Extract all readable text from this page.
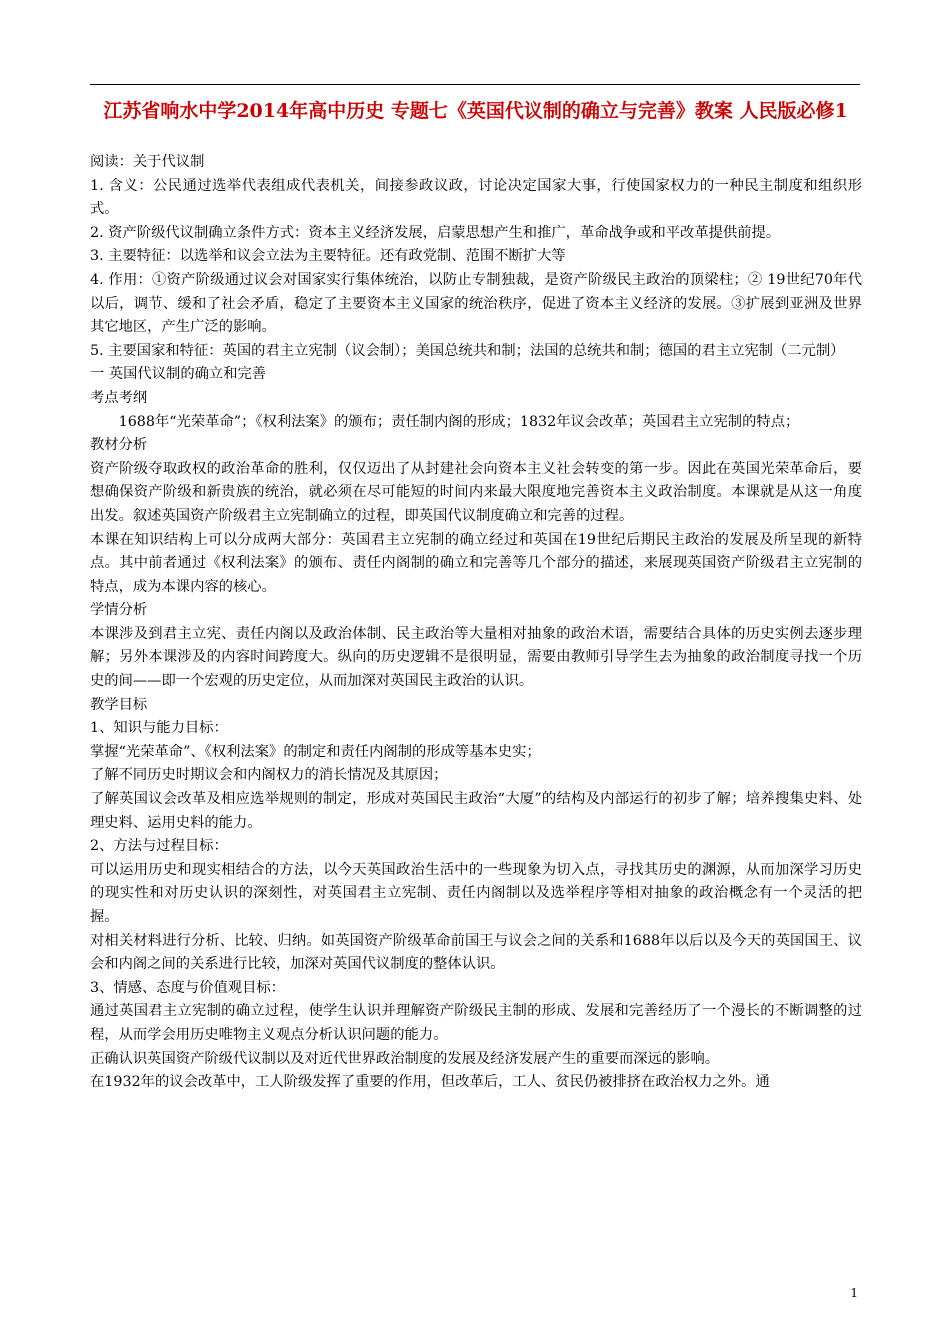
江苏省响水中学2014年高中历史 专题七《英国代议制的确立与完善》教案 人民版必修1

阅读：关于代议制

1. 含义：公民通过选举代表组成代表机关，间接参政议政，讨论决定国家大事，行使国家权力的一种民主制度和组织形式。

2. 资产阶级代议制确立条件方式：资本主义经济发展，启蒙思想产生和推广，革命战争或和平改革提供前提。

3. 主要特征：以选举和议会立法为主要特征。还有政党制、范围不断扩大等

4. 作用：①资产阶级通过议会对国家实行集体统治，以防止专制独裁，是资产阶级民主政治的顶梁柱；② 19世纪70年代以后，调节、缓和了社会矛盾，稳定了主要资本主义国家的统治秩序，促进了资本主义经济的发展。③扩展到亚洲及世界其它地区，产生广泛的影响。

5. 主要国家和特征：英国的君主立宪制（议会制）；美国总统共和制；法国的总统共和制；德国的君主立宪制（二元制）

一 英国代议制的确立和完善

考点考纲

1688年“光荣革命”；《权利法案》的颁布；责任制内阁的形成；1832年议会改革；英国君主立宪制的特点；

教材分析

资产阶级夺取政权的政治革命的胜利，仅仅迈出了从封建社会向资本主义社会转变的第一步。因此在英国光荣革命后，要想确保资产阶级和新贵族的统治，就必须在尽可能短的时间内来最大限度地完善资本主义政治制度。本课就是从这一角度出发。叙述英国资产阶级君主立宪制确立的过程，即英国代议制度确立和完善的过程。

本课在知识结构上可以分成两大部分：英国君主立宪制的确立经过和英国在19世纪后期民主政治的发展及所呈现的新特点。其中前者通过《权利法案》的颁布、责任内阁制的确立和完善等几个部分的描述，来展现英国资产阶级君主立宪制的特点，成为本课内容的核心。

学情分析

本课涉及到君主立宪、责任内阁以及政治体制、民主政治等大量相对抽象的政治术语，需要结合具体的历史实例去逐步理解；另外本课涉及的内容时间跨度大。纵向的历史逻辑不是很明显，需要由教师引导学生去为抽象的政治制度寻找一个历史的间——即一个宏观的历史定位，从而加深对英国民主政治的认识。

教学目标

1、知识与能力目标：

掌握“光荣革命”、《权利法案》的制定和责任内阁制的形成等基本史实；

了解不同历史时期议会和内阁权力的消长情况及其原因；

了解英国议会改革及相应选举规则的制定，形成对英国民主政治“大厦”的结构及内部运行的初步了解；培养搜集史料、处理史料、运用史料的能力。

2、方法与过程目标：

可以运用历史和现实相结合的方法，以今天英国政治生活中的一些现象为切入点，寻找其历史的渊源，从而加深学习历史的现实性和对历史认识的深刻性，对英国君主立宪制、责任内阁制以及选举程序等相对抽象的政治概念有一个灵活的把握。

对相关材料进行分析、比较、归纳。如英国资产阶级革命前国王与议会之间的关系和1688年以后以及今天的英国国王、议会和内阁之间的关系进行比较，加深对英国代议制度的整体认识。

3、情感、态度与价值观目标：

通过英国君主立宪制的确立过程，使学生认识并理解资产阶级民主制的形成、发展和完善经历了一个漫长的不断调整的过程，从而学会用历史唯物主义观点分析认识问题的能力。

正确认识英国资产阶级代议制以及对近代世界政治制度的发展及经济发展产生的重要而深远的影响。

在1932年的议会改革中，工人阶级发挥了重要的作用，但改革后，工人、贫民仍被排挤在政治权力之外。通

1
